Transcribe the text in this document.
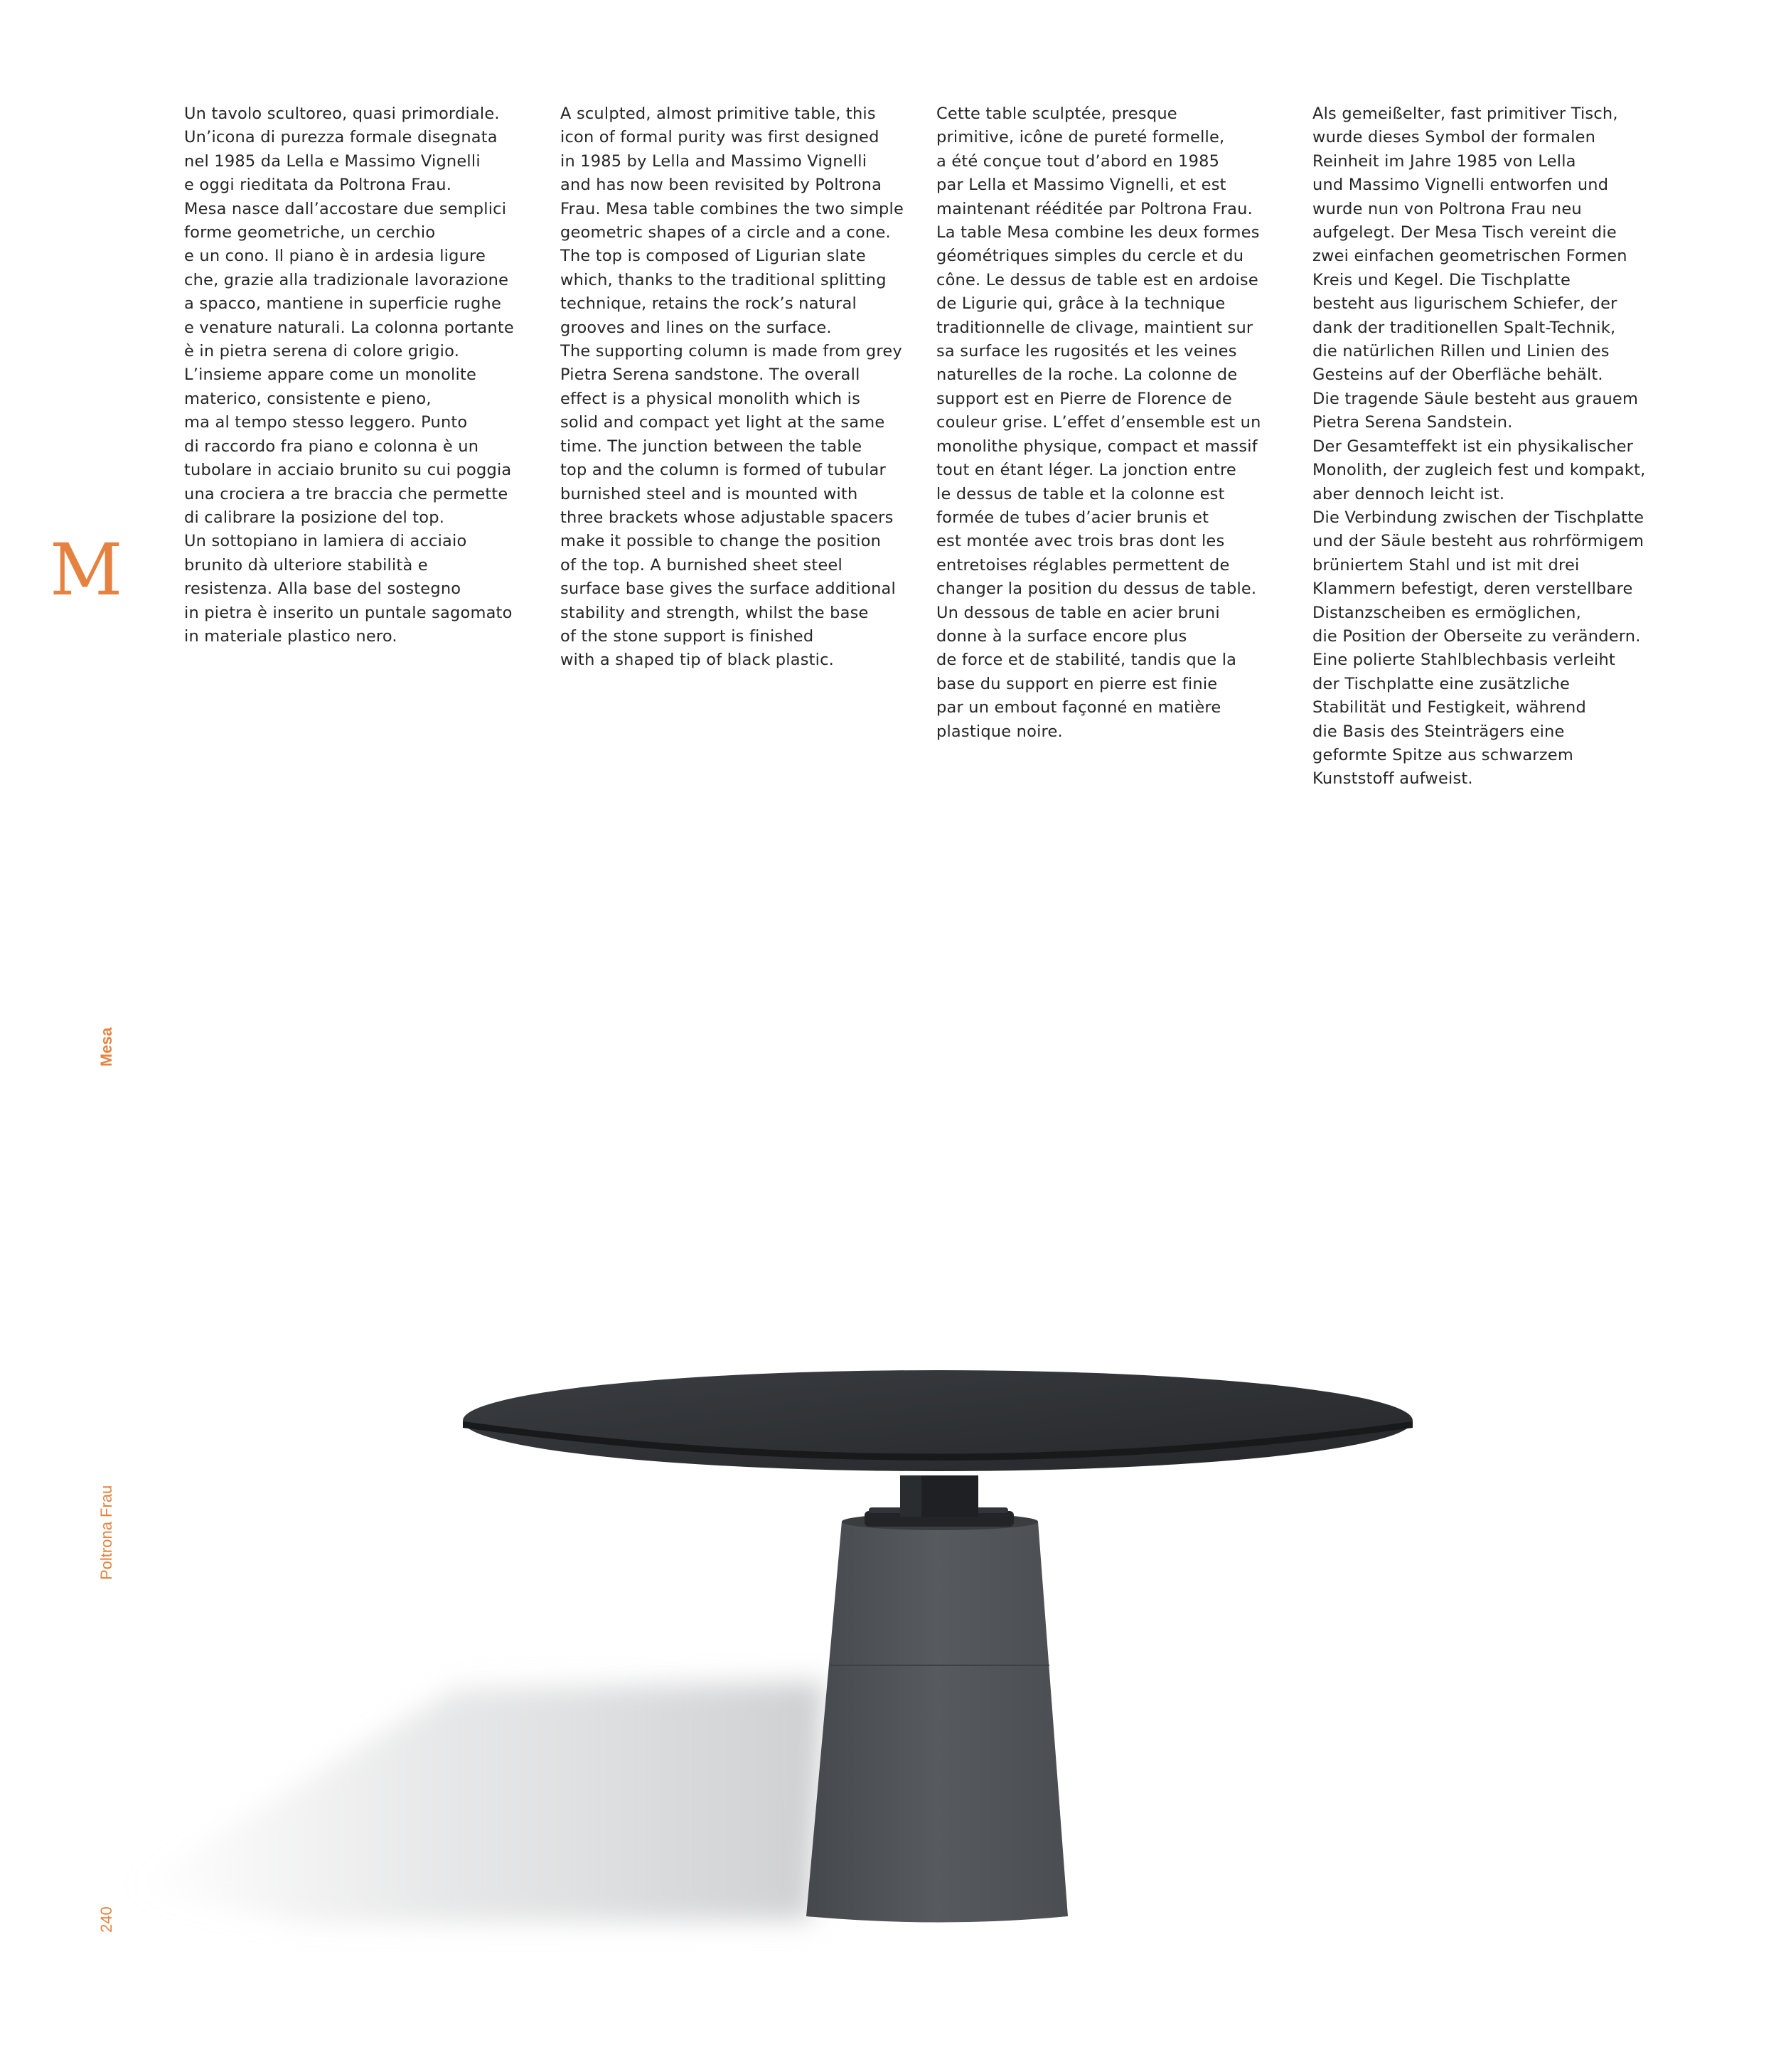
Un tavolo scultoreo, quasi primordiale.
Un’icona di purezza formale disegnata
nel 1985 da Lella e Massimo Vignelli
e oggi rieditata da Poltrona Frau.
Mesa nasce dall’accostare due semplici
forme geometriche, un cerchio
e un cono. Il piano è in ardesia ligure
che, grazie alla tradizionale lavorazione
a spacco, mantiene in superficie rughe
e venature naturali. La colonna portante
è in pietra serena di colore grigio.
L’insieme appare come un monolite
materico, consistente e pieno,
ma al tempo stesso leggero. Punto
di raccordo fra piano e colonna è un
tubolare in acciaio brunito su cui poggia
una crociera a tre braccia che permette
di calibrare la posizione del top.
Un sottopiano in lamiera di acciaio
brunito dà ulteriore stabilità e
resistenza. Alla base del sostegno
in pietra è inserito un puntale sagomato
in materiale plastico nero.
A sculpted, almost primitive table, this
icon of formal purity was first designed
in 1985 by Lella and Massimo Vignelli
and has now been revisited by Poltrona
Frau. Mesa table combines the two simple
geometric shapes of a circle and a cone.
The top is composed of Ligurian slate
which, thanks to the traditional splitting
technique, retains the rock’s natural
grooves and lines on the surface.
The supporting column is made from grey
Pietra Serena sandstone. The overall
effect is a physical monolith which is
solid and compact yet light at the same
time. The junction between the table
top and the column is formed of tubular
burnished steel and is mounted with
three brackets whose adjustable spacers
make it possible to change the position
of the top. A burnished sheet steel
surface base gives the surface additional
stability and strength, whilst the base
of the stone support is finished
with a shaped tip of black plastic.
Cette table sculptée, presque
primitive, icône de pureté formelle,
a été conçue tout d’abord en 1985
par Lella et Massimo Vignelli, et est
maintenant rééditée par Poltrona Frau.
La table Mesa combine les deux formes
géométriques simples du cercle et du
cône. Le dessus de table est en ardoise
de Ligurie qui, grâce à la technique
traditionnelle de clivage, maintient sur
sa surface les rugosités et les veines
naturelles de la roche. La colonne de
support est en Pierre de Florence de
couleur grise. L’effet d’ensemble est un
monolithe physique, compact et massif
tout en étant léger. La jonction entre
le dessus de table et la colonne est
formée de tubes d’acier brunis et
est montée avec trois bras dont les
entretoises réglables permettent de
changer la position du dessus de table.
Un dessous de table en acier bruni
donne à la surface encore plus
de force et de stabilité, tandis que la
base du support en pierre est finie
par un embout façonné en matière
plastique noire.
Als gemeißelter, fast primitiver Tisch,
wurde dieses Symbol der formalen
Reinheit im Jahre 1985 von Lella
und Massimo Vignelli entworfen und
wurde nun von Poltrona Frau neu
aufgelegt. Der Mesa Tisch vereint die
zwei einfachen geometrischen Formen
Kreis und Kegel. Die Tischplatte
besteht aus ligurischem Schiefer, der
dank der traditionellen Spalt-Technik,
die natürlichen Rillen und Linien des
Gesteins auf der Oberfläche behält.
Die tragende Säule besteht aus grauem
Pietra Serena Sandstein.
Der Gesamteffekt ist ein physikalischer
Monolith, der zugleich fest und kompakt,
aber dennoch leicht ist.
Die Verbindung zwischen der Tischplatte
und der Säule besteht aus rohrförmigem
brüniertem Stahl und ist mit drei
Klammern befestigt, deren verstellbare
Distanzscheiben es ermöglichen,
die Position der Oberseite zu verändern.
Eine polierte Stahlblechbasis verleiht
der Tischplatte eine zusätzliche
Stabilität und Festigkeit, während
die Basis des Steinträgers eine
geformte Spitze aus schwarzem
Kunststoff aufweist.
M
Mesa
Poltrona Frau
240
